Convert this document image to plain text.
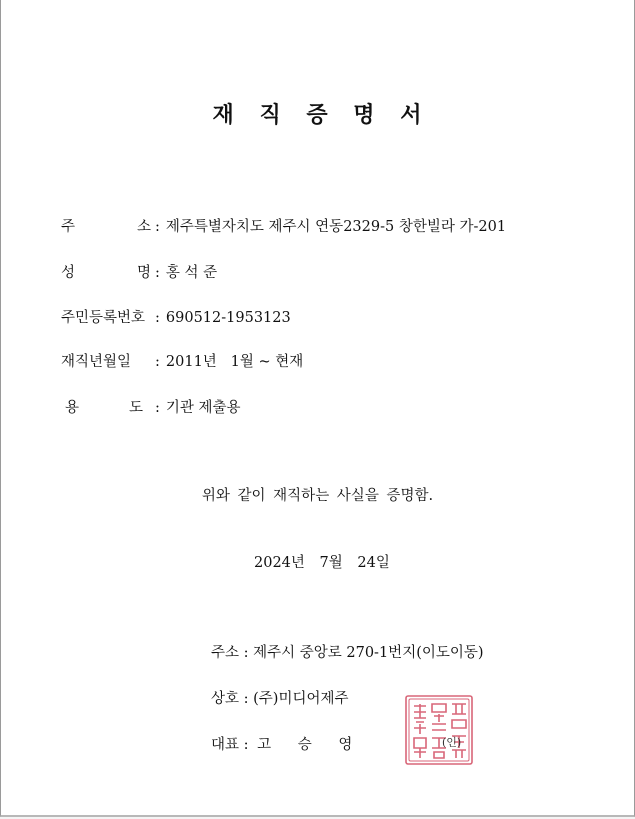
재 직 증 명 서
주	소 : 제주특별자치도 제주시 연동2329-5 창한빌라 가-201
성	명 : 홍 석 준
주민등록번호 : 690512-1953123
재직년월일	: 2011년   1월 ~ 현재
용	도 : 기관 제출용
위와 같이 재직하는 사실을 증명함.
2024년 7월 24일
주소 : 제주시 중앙로 270-1번지(이도이동)
상호 : (주)미디어제주
대표 : 고 승 영	(인)
